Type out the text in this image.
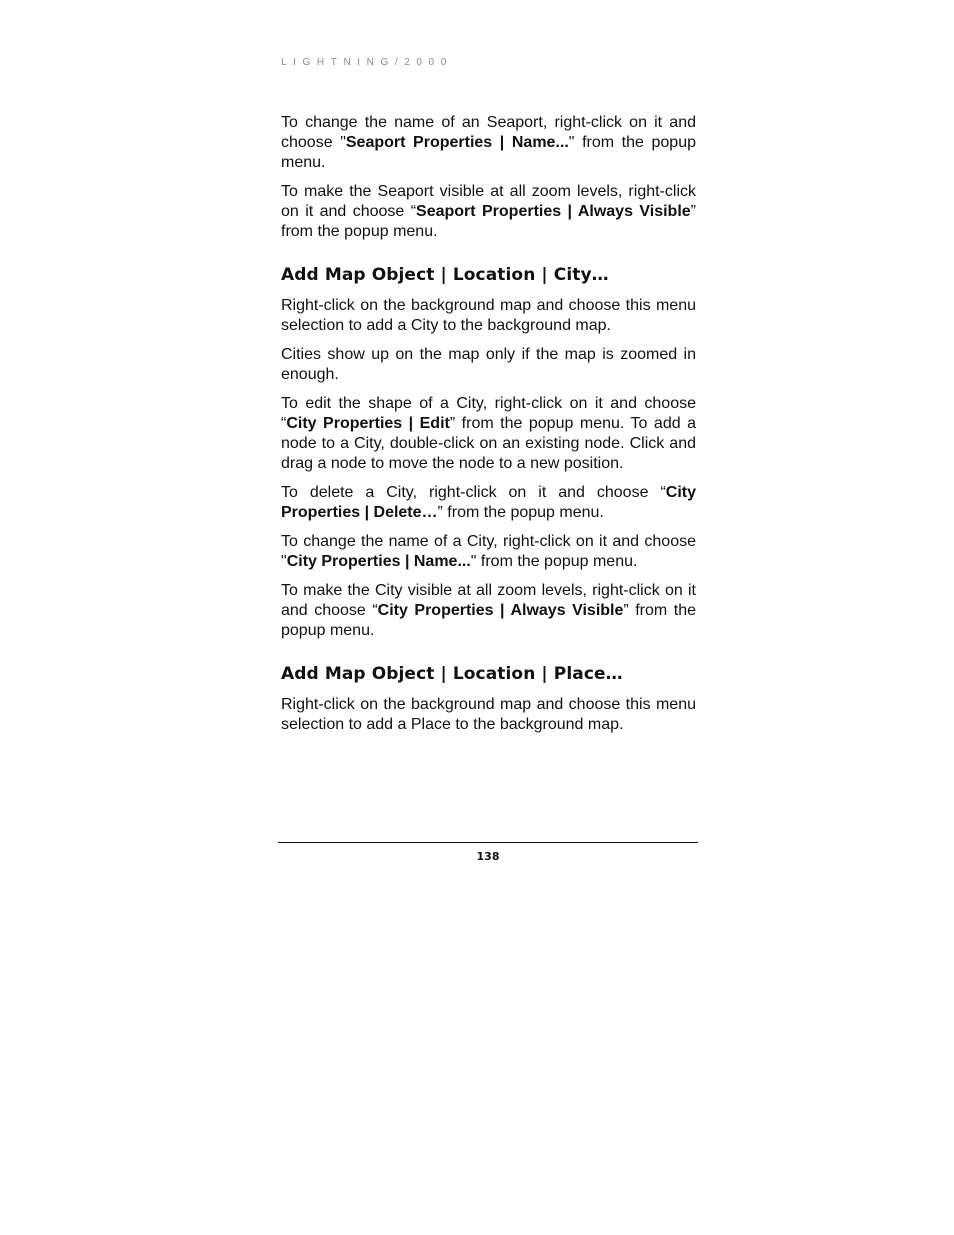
LIGHTNING/2000

To change the name of an Seaport, right-click on it and choose "Seaport Properties | Name..." from the popup menu.

To make the Seaport visible at all zoom levels, right-click on it and choose “Seaport Properties | Always Visible” from the popup menu.

Add Map Object | Location | City…

Right-click on the background map and choose this menu selection to add a City to the background map.

Cities show up on the map only if the map is zoomed in enough.

To edit the shape of a City, right-click on it and choose “City Properties | Edit” from the popup menu. To add a node to a City, double-click on an existing node. Click and drag a node to move the node to a new position.

To delete a City, right-click on it and choose “City Properties | Delete…” from the popup menu.

To change the name of a City, right-click on it and choose "City Properties | Name..." from the popup menu.

To make the City visible at all zoom levels, right-click on it and choose “City Properties | Always Visible” from the popup menu.

Add Map Object | Location | Place…

Right-click on the background map and choose this menu selection to add a Place to the background map.

138
